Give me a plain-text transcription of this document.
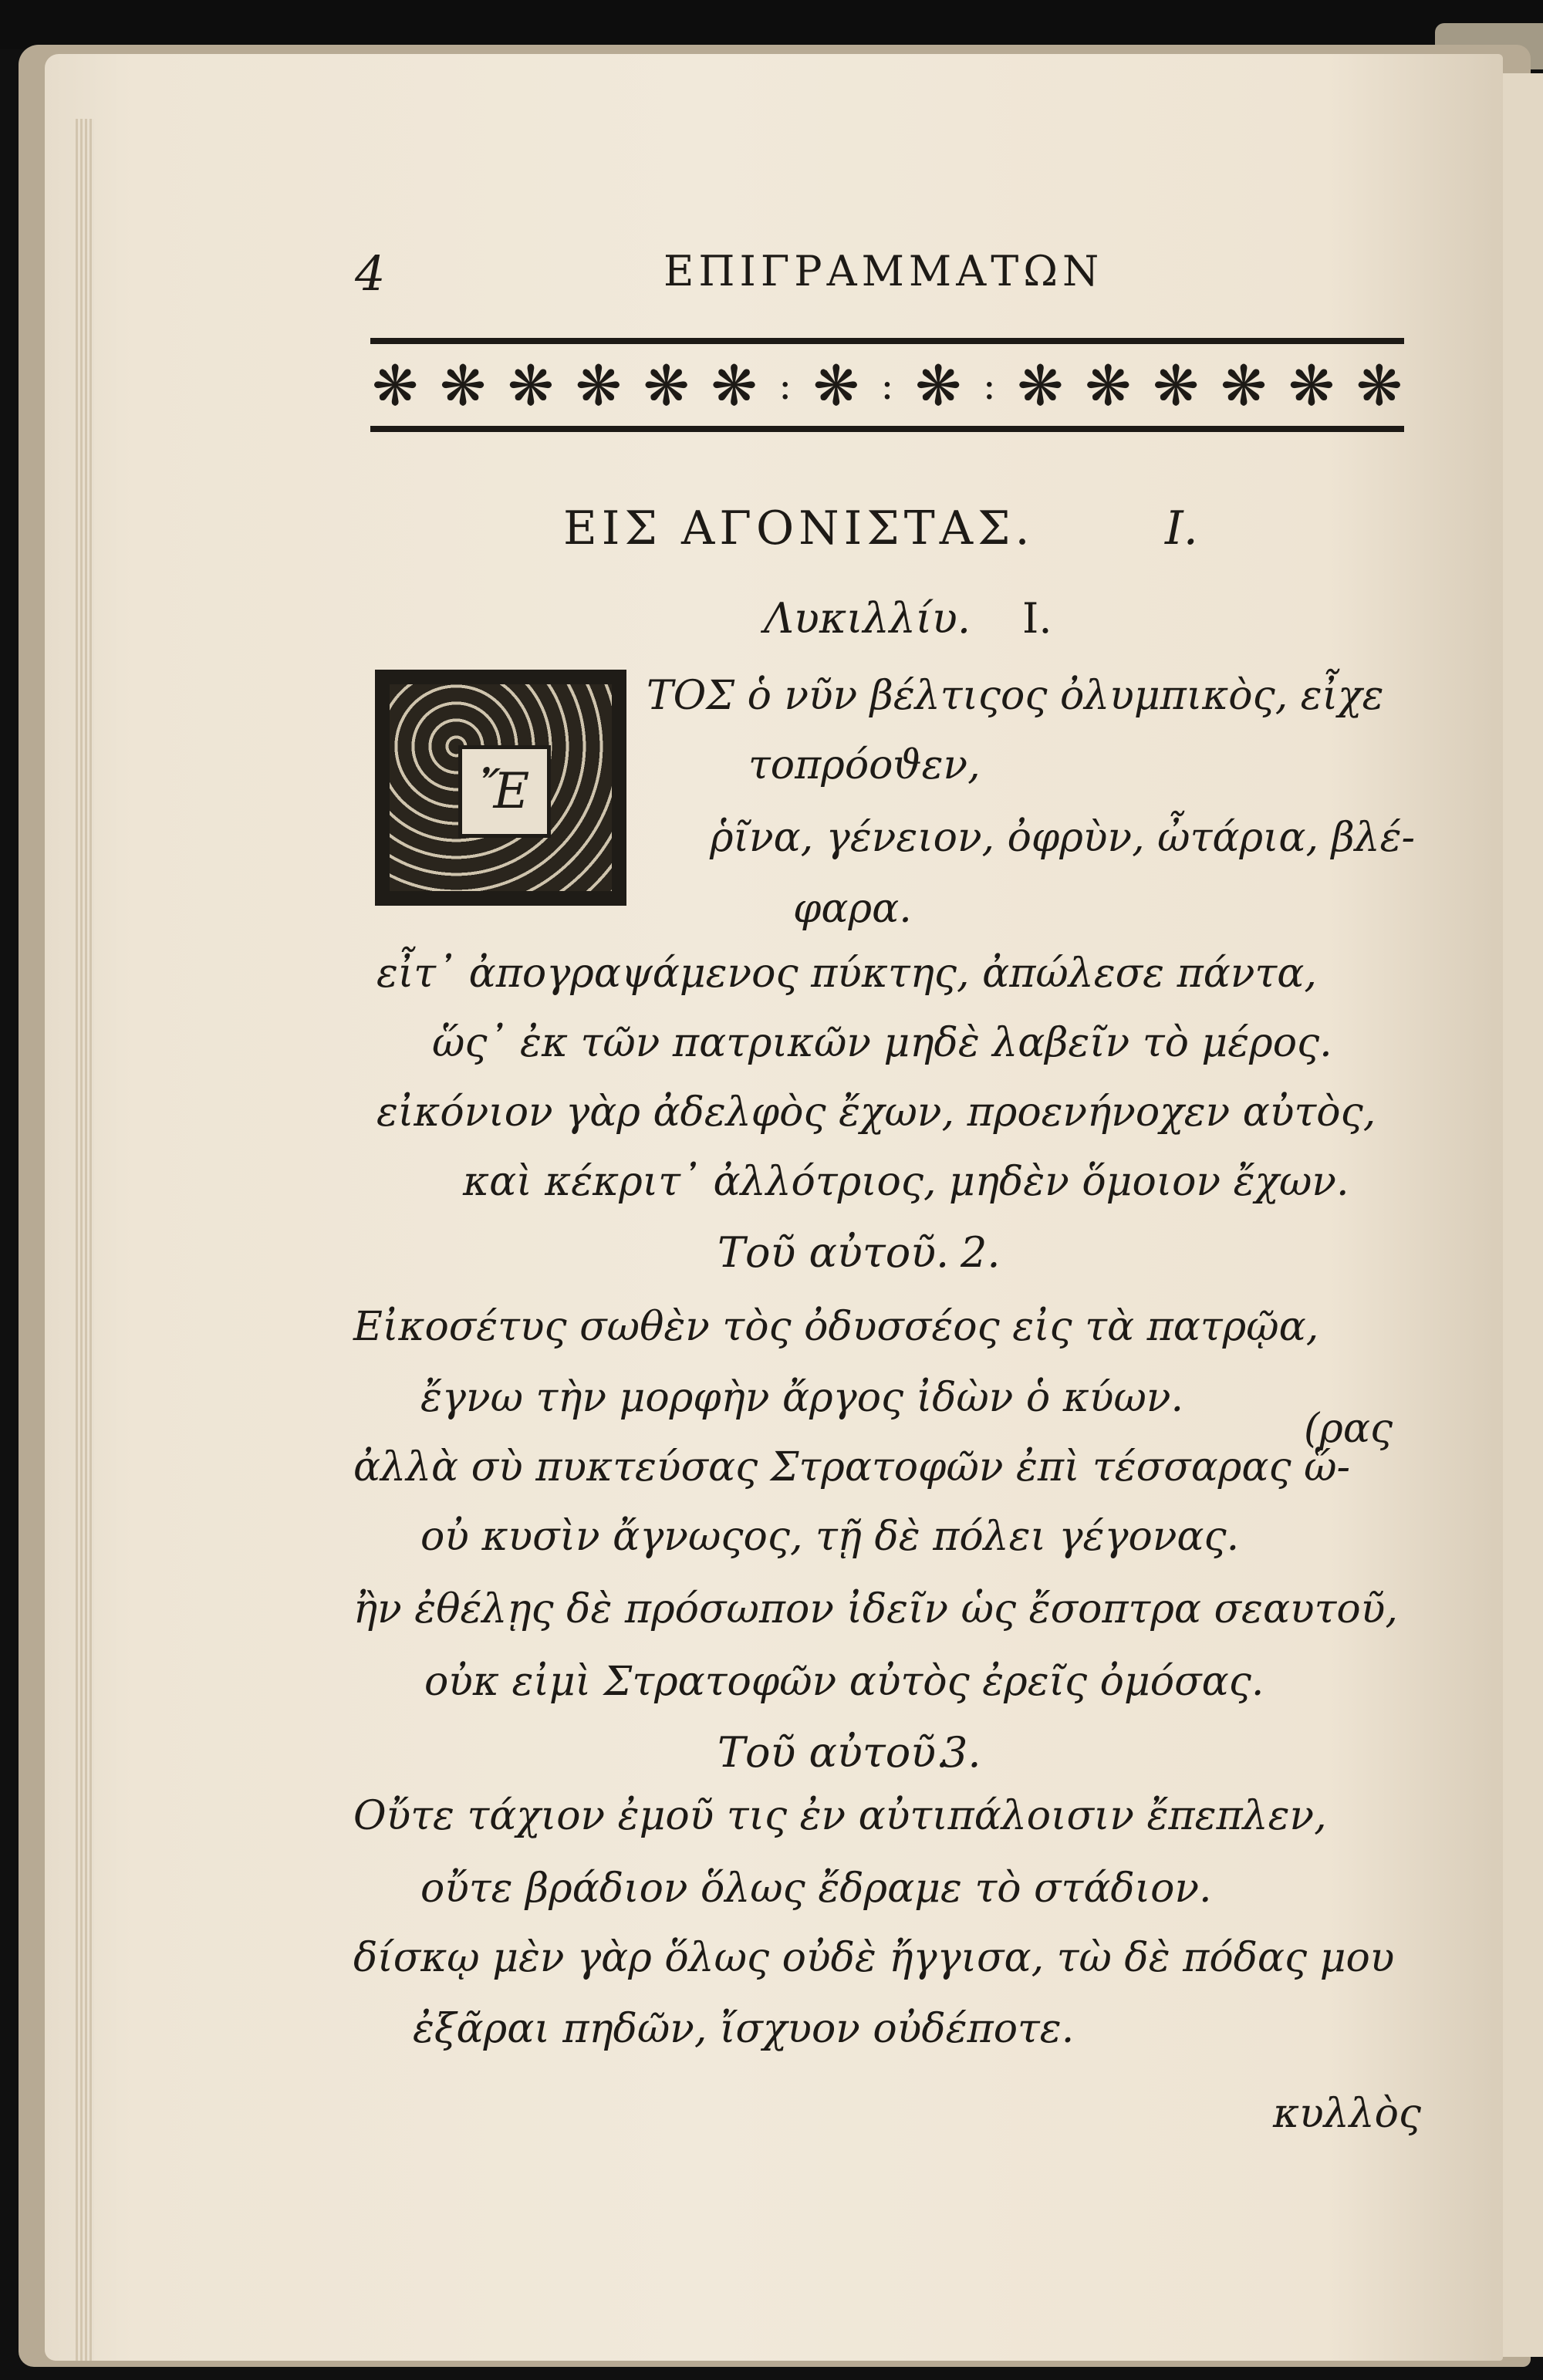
4	ΕΠΙΓΡΑΜΜΑΤΩΝ
❋ ❋ ❋ ❋ ❋ ❋ : ❋ : ❋ : ❋ ❋ ❋ ❋ ❋ ❋
ΕΙΣ ΑΓΟΝΙΣΤΑΣ.	I.
Λυκιλλίυ. I.
Ἔ
ΤΟΣ ὁ νῦν βέλτιςος ὀλυμπικὸς, εἶχε
τοπρόοϑεν,
ῥῖνα, γένειον, ὀφρὺν, ὦτάρια, βλέ-
φαρα.
εἶτ᾽ ἀπογραψάμενος πύκτης, ἀπώλεσε πάντα,
ὥς᾽ ἐκ τῶν πατρικῶν μηδὲ λαβεῖν τὸ μέρος.
εἰκόνιον γὰρ ἀδελφὸς ἔχων, προενήνοχεν αὐτὸς,
καὶ κέκριτ᾽ ἀλλότριος, μηδὲν ὅμοιον ἔχων.
Τοῦ αὐτοῦ. 2.
Εἰκοσέτυς σωθὲν τὸς ὀδυσσέος εἰς τὰ πατρῷα,
ἔγνω τὴν μορφὴν ἄργος ἰδὼν ὁ κύων.
(ρας
ἀλλὰ σὺ πυκτεύσας Στρατοφῶν ἐπὶ τέσσαρας ὥ-
οὐ κυσὶν ἄγνωςος, τῇ δὲ πόλει γέγονας.
ἢν ἐθέλῃς δὲ πρόσωπον ἰδεῖν ὡς ἔσοπτρα σεαυτοῦ,
οὐκ εἰμὶ Στρατοφῶν αὐτὸς ἐρεῖς ὀμόσας.
Τοῦ αὐτοῦ.
3.
Οὔτε τάχιον ἐμοῦ τις ἐν αὐτιπάλοισιν ἔπεπλεν,
οὔτε βράδιον ὅλως ἔδραμε τὸ στάδιον.
δίσκῳ μὲν γὰρ ὅλως οὐδὲ ἤγγισα, τὼ δὲ πόδας μου
ἐξᾶραι πηδῶν, ἴσχυον οὐδέποτε.
κυλλὸς
